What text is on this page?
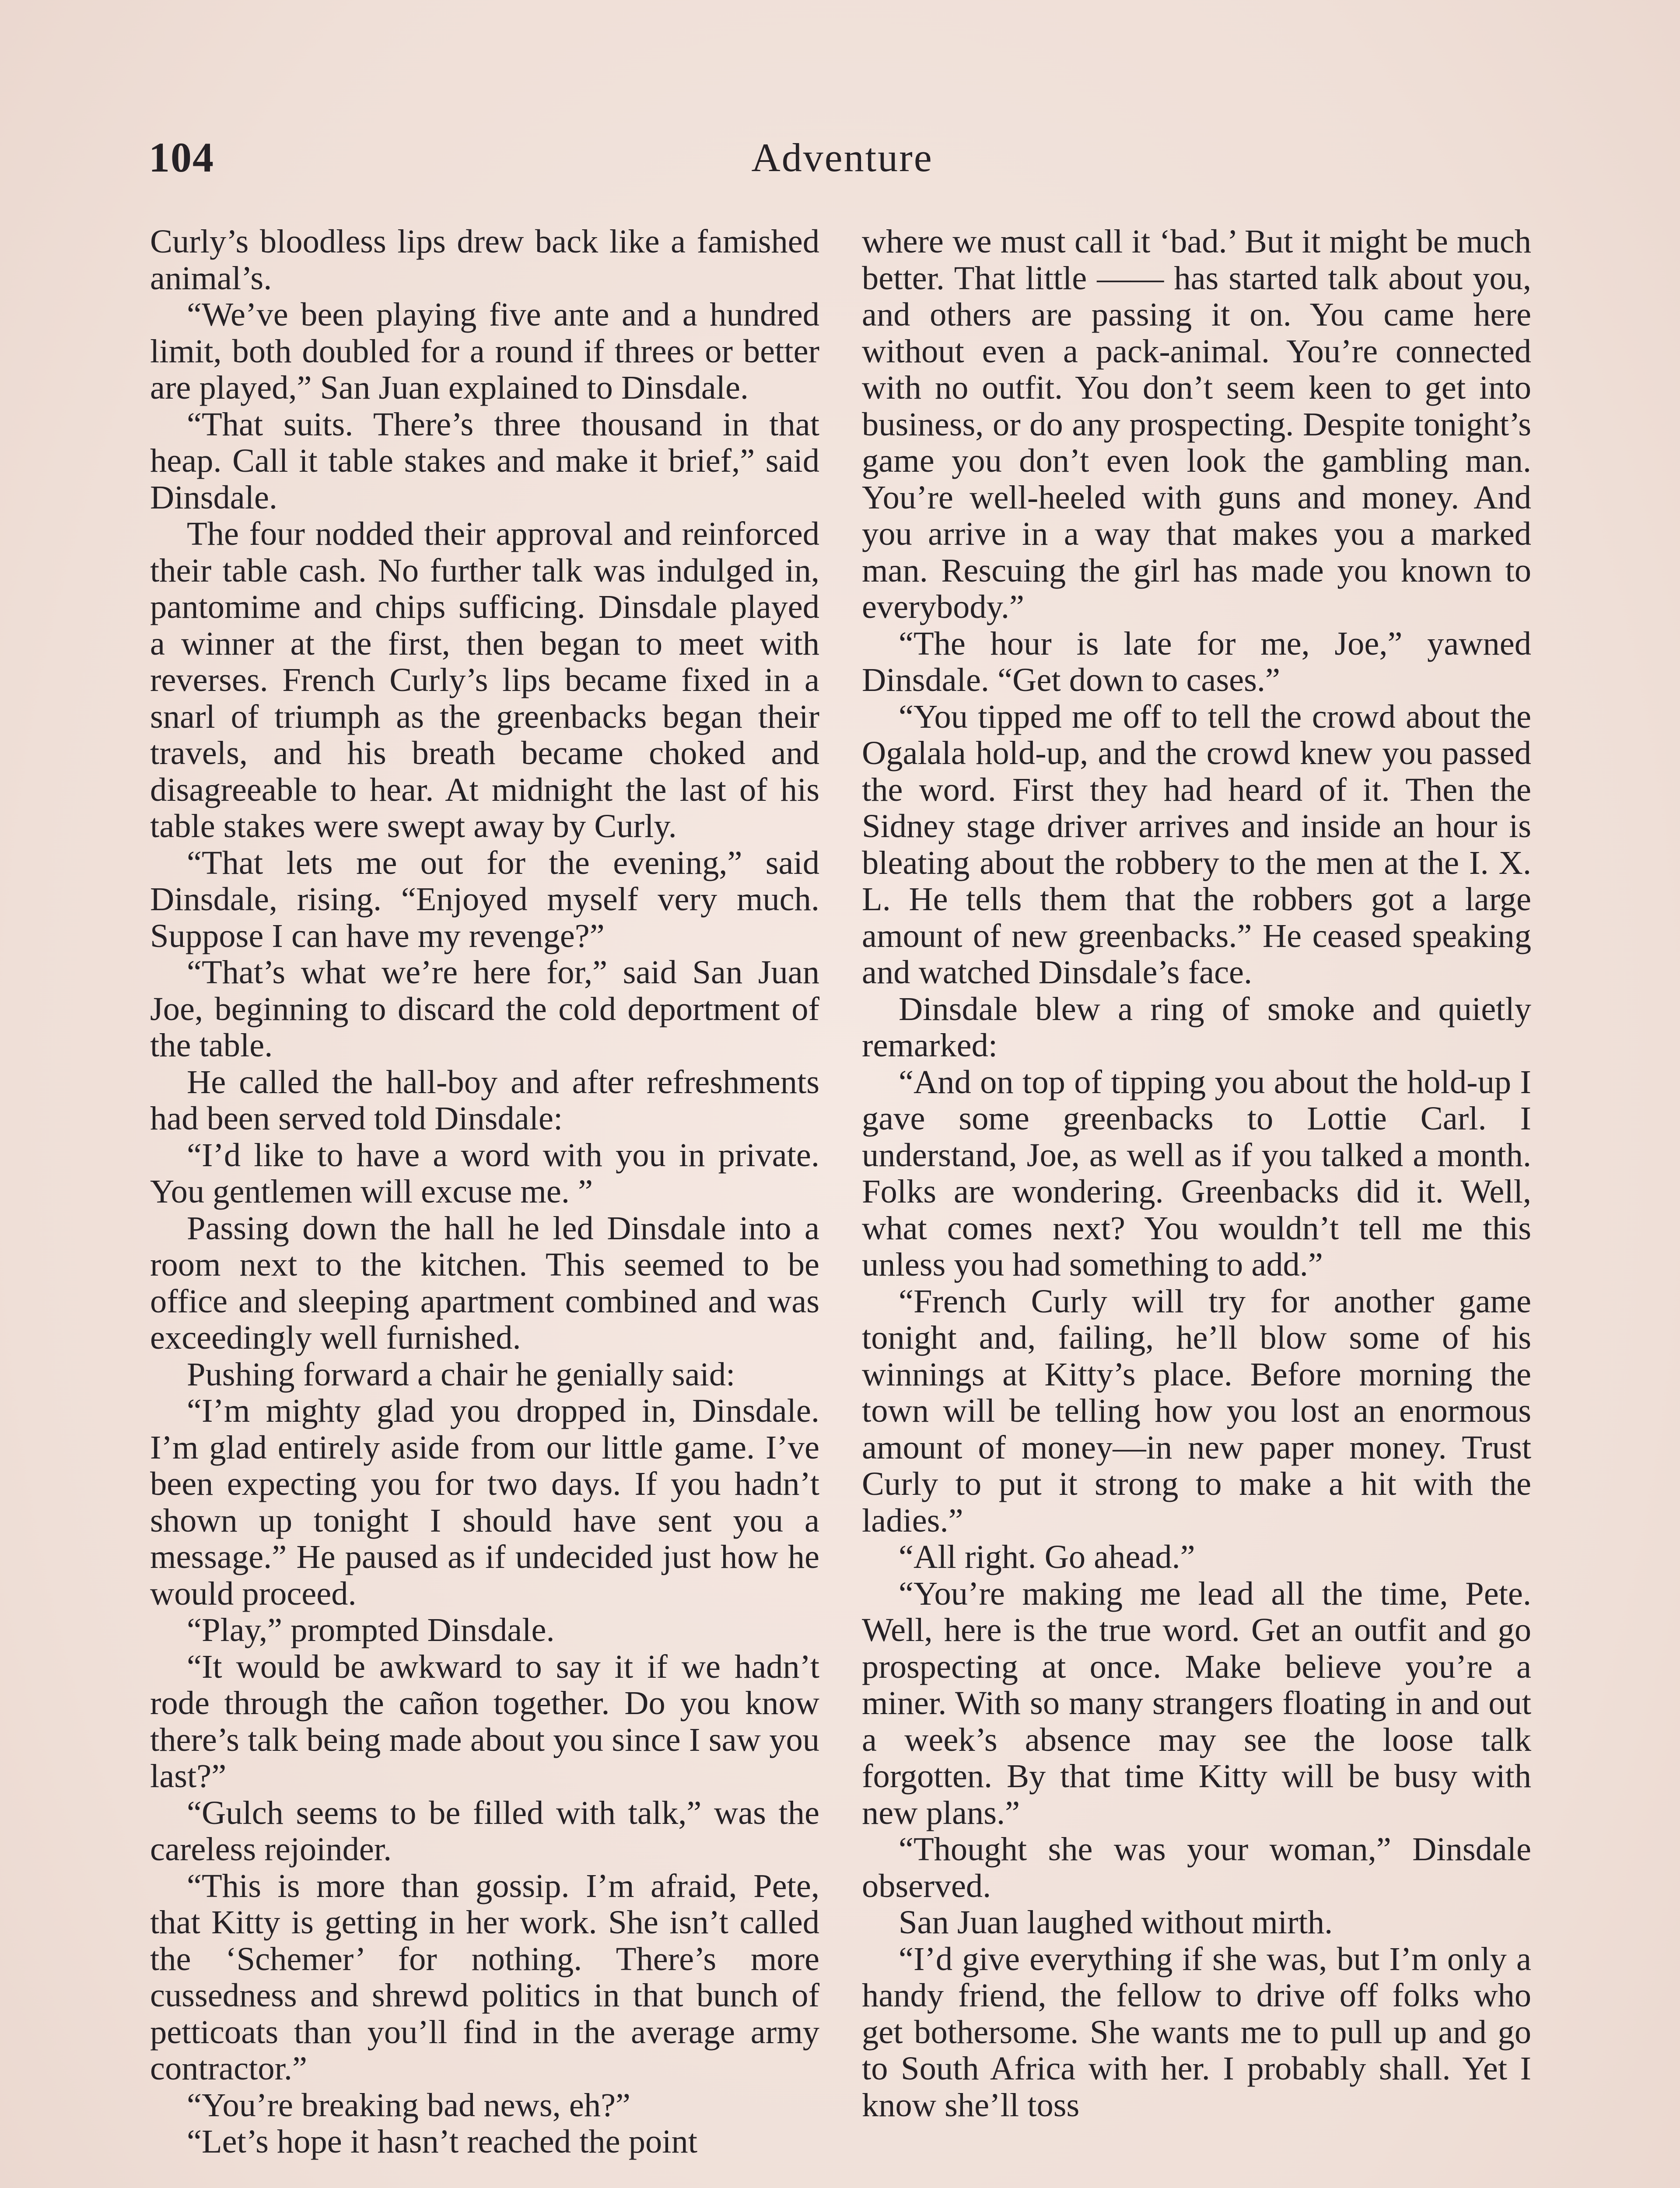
104	Adventure

Curly’s bloodless lips drew back like a famished animal’s.

“We’ve been playing five ante and a hundred limit, both doubled for a round if threes or better are played,” San Juan explained to Dinsdale.

“That suits. There’s three thousand in that heap. Call it table stakes and make it brief,” said Dinsdale.

The four nodded their approval and reinforced their table cash. No further talk was indulged in, pantomime and chips sufficing. Dinsdale played a winner at the first, then began to meet with reverses. French Curly’s lips became fixed in a snarl of triumph as the greenbacks began their travels, and his breath became choked and disagreeable to hear. At midnight the last of his table stakes were swept away by Curly.

“That lets me out for the evening,” said Dinsdale, rising. “Enjoyed myself very much. Suppose I can have my revenge?”

“That’s what we’re here for,” said San Juan Joe, beginning to discard the cold deportment of the table.

He called the hall-boy and after refreshments had been served told Dinsdale:

“I’d like to have a word with you in private. You gentlemen will excuse me. ”

Passing down the hall he led Dinsdale into a room next to the kitchen. This seemed to be office and sleeping apartment combined and was exceedingly well furnished.

Pushing forward a chair he genially said:

“I’m mighty glad you dropped in, Dinsdale. I’m glad entirely aside from our little game. I’ve been expecting you for two days. If you hadn’t shown up tonight I should have sent you a message.” He paused as if undecided just how he would proceed.

“Play,” prompted Dinsdale.

“It would be awkward to say it if we hadn’t rode through the cañon together. Do you know there’s talk being made about you since I saw you last?”

“Gulch seems to be filled with talk,” was the careless rejoinder.

“This is more than gossip. I’m afraid, Pete, that Kitty is getting in her work. She isn’t called the ‘Schemer’ for nothing. There’s more cussedness and shrewd politics in that bunch of petticoats than you’ll find in the average army contractor.”

“You’re breaking bad news, eh?”

“Let’s hope it hasn’t reached the point

where we must call it ‘bad.’ But it might be much better. That little —— has started talk about you, and others are passing it on. You came here without even a pack-animal. You’re connected with no outfit. You don’t seem keen to get into business, or do any prospecting. Despite tonight’s game you don’t even look the gambling man. You’re well-heeled with guns and money. And you arrive in a way that makes you a marked man. Rescuing the girl has made you known to everybody.”

“The hour is late for me, Joe,” yawned Dinsdale. “Get down to cases.”

“You tipped me off to tell the crowd about the Ogalala hold-up, and the crowd knew you passed the word. First they had heard of it. Then the Sidney stage driver arrives and inside an hour is bleating about the robbery to the men at the I. X. L. He tells them that the robbers got a large amount of new greenbacks.” He ceased speaking and watched Dinsdale’s face.

Dinsdale blew a ring of smoke and quietly remarked:

“And on top of tipping you about the hold-up I gave some greenbacks to Lottie Carl. I understand, Joe, as well as if you talked a month. Folks are wondering. Greenbacks did it. Well, what comes next? You wouldn’t tell me this unless you had something to add.”

“French Curly will try for another game tonight and, failing, he’ll blow some of his winnings at Kitty’s place. Before morning the town will be telling how you lost an enormous amount of money—in new paper money. Trust Curly to put it strong to make a hit with the ladies.”

“All right. Go ahead.”

“You’re making me lead all the time, Pete. Well, here is the true word. Get an outfit and go prospecting at once. Make believe you’re a miner. With so many strangers floating in and out a week’s absence may see the loose talk forgotten. By that time Kitty will be busy with new plans.”

“Thought she was your woman,” Dinsdale observed.

San Juan laughed without mirth.

“I’d give everything if she was, but I’m only a handy friend, the fellow to drive off folks who get bothersome. She wants me to pull up and go to South Africa with her. I probably shall. Yet I know she’ll toss
